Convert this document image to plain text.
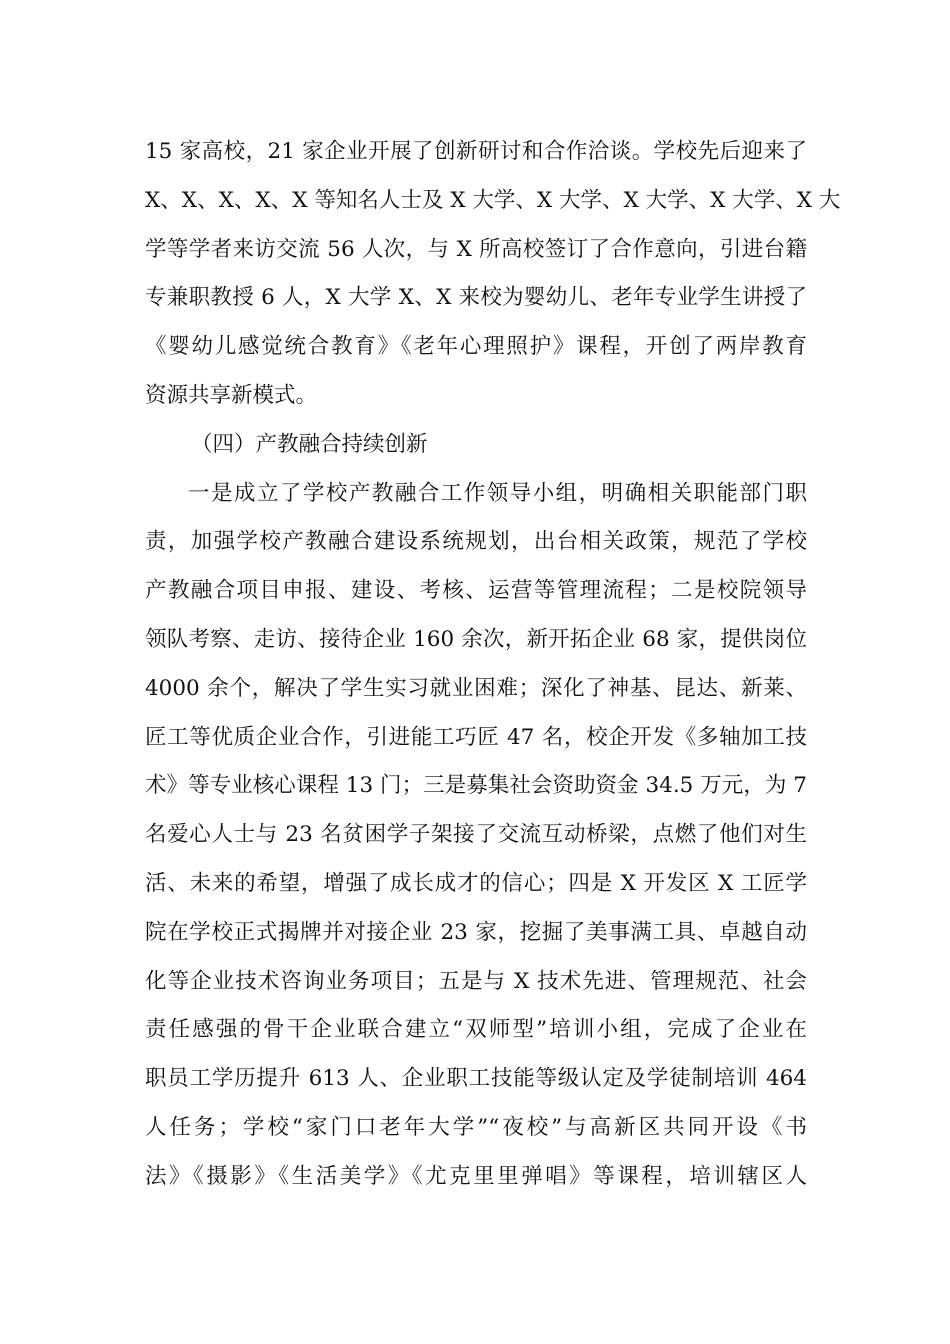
15 家高校，21 家企业开展了创新研讨和合作洽谈。学校先后迎来了
X、X、X、X、X 等知名人士及 X 大学、X 大学、X 大学、X 大学、X 大
学等学者来访交流 56 人次，与 X 所高校签订了合作意向，引进台籍
专兼职教授 6 人，X 大学 X、X 来校为婴幼儿、老年专业学生讲授了
《婴幼儿感觉统合教育》《老年心理照护》课程，开创了两岸教育
资源共享新模式。
（四）产教融合持续创新
一是成立了学校产教融合工作领导小组，明确相关职能部门职
责，加强学校产教融合建设系统规划，出台相关政策，规范了学校
产教融合项目申报、建设、考核、运营等管理流程；二是校院领导
领队考察、走访、接待企业 160 余次，新开拓企业 68 家，提供岗位
4000 余个，解决了学生实习就业困难；深化了神基、昆达、新莱、
匠工等优质企业合作，引进能工巧匠 47 名，校企开发《多轴加工技
术》等专业核心课程 13 门；三是募集社会资助资金 34.5 万元，为 7
名爱心人士与 23 名贫困学子架接了交流互动桥梁，点燃了他们对生
活、未来的希望，增强了成长成才的信心；四是 X 开发区 X 工匠学
院在学校正式揭牌并对接企业 23 家，挖掘了美事满工具、卓越自动
化等企业技术咨询业务项目；五是与 X 技术先进、管理规范、社会
责任感强的骨干企业联合建立“双师型”培训小组，完成了企业在
职员工学历提升 613 人、企业职工技能等级认定及学徒制培训 464
人任务；学校“家门口老年大学”“夜校”与高新区共同开设《书
法》《摄影》《生活美学》《尤克里里弹唱》等课程，培训辖区人
